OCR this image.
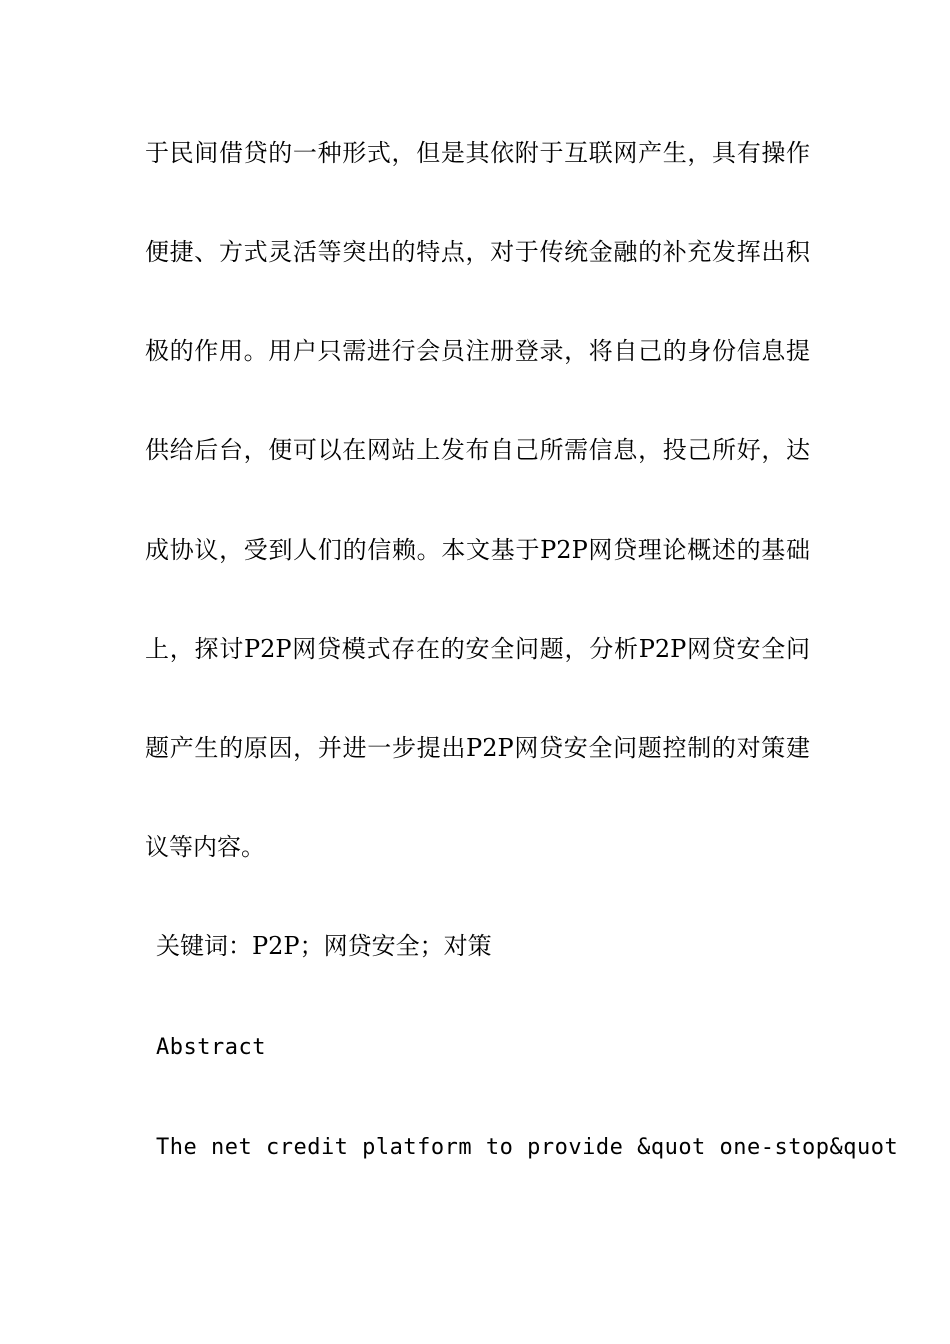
于民间借贷的一种形式，但是其依附于互联网产生，具有操作
便捷、方式灵活等突出的特点，对于传统金融的补充发挥出积
极的作用。用户只需进行会员注册登录，将自己的身份信息提
供给后台，便可以在网站上发布自己所需信息，投己所好，达
成协议，受到人们的信赖。本文基于P2P网贷理论概述的基础
上，探讨P2P网贷模式存在的安全问题，分析P2P网贷安全问
题产生的原因，并进一步提出P2P网贷安全问题控制的对策建
议等内容。
关键词：P2P；网贷安全；对策
Abstract
The net credit platform to provide &quot one-stop&quot
